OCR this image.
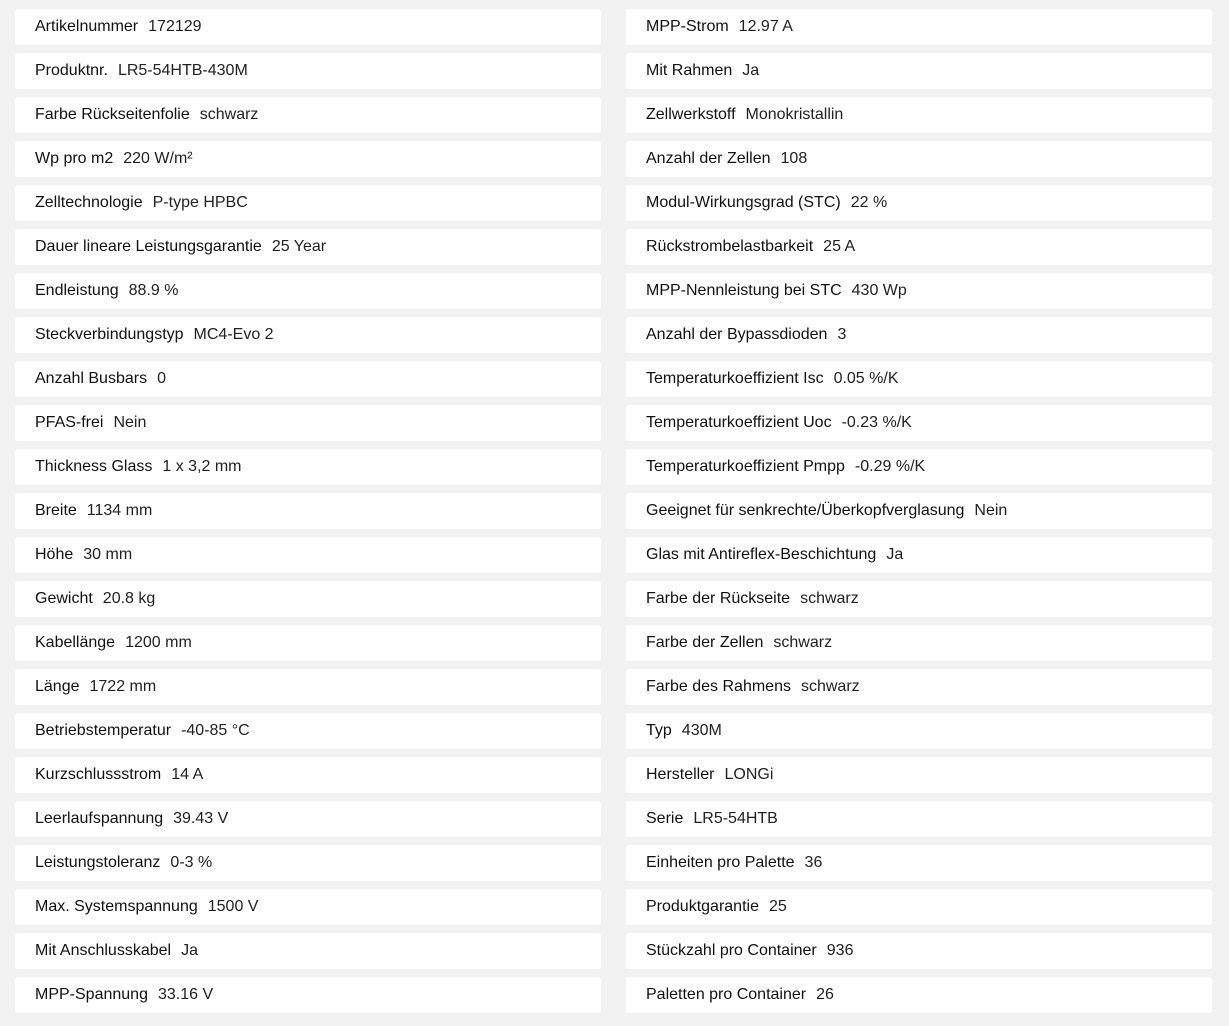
Artikelnummer 172129	MPP-Strom 12.97 A
Produktnr. LR5-54HTB-430M	Mit Rahmen Ja
Farbe Rückseitenfolie schwarz	Zellwerkstoff Monokristallin
Wp pro m2 220 W/m²	Anzahl der Zellen 108
Zelltechnologie P-type HPBC	Modul-Wirkungsgrad (STC) 22 %
Dauer lineare Leistungsgarantie 25 Year	Rückstrombelastbarkeit 25 A
Endleistung 88.9 %	MPP-Nennleistung bei STC 430 Wp
Steckverbindungstyp MC4-Evo 2	Anzahl der Bypassdioden 3
Anzahl Busbars 0	Temperaturkoeffizient Isc 0.05 %/K
PFAS-frei Nein	Temperaturkoeffizient Uoc -0.23 %/K
Thickness Glass 1 x 3,2 mm	Temperaturkoeffizient Pmpp -0.29 %/K
Breite 1134 mm	Geeignet für senkrechte/Überkopfverglasung Nein
Höhe 30 mm	Glas mit Antireflex-Beschichtung Ja
Gewicht 20.8 kg	Farbe der Rückseite schwarz
Kabellänge 1200 mm	Farbe der Zellen schwarz
Länge 1722 mm	Farbe des Rahmens schwarz
Betriebstemperatur -40-85 °C	Typ 430M
Kurzschlussstrom 14 A	Hersteller LONGi
Leerlaufspannung 39.43 V	Serie LR5-54HTB
Leistungstoleranz 0-3 %	Einheiten pro Palette 36
Max. Systemspannung 1500 V	Produktgarantie 25
Mit Anschlusskabel Ja	Stückzahl pro Container 936
MPP-Spannung 33.16 V	Paletten pro Container 26
